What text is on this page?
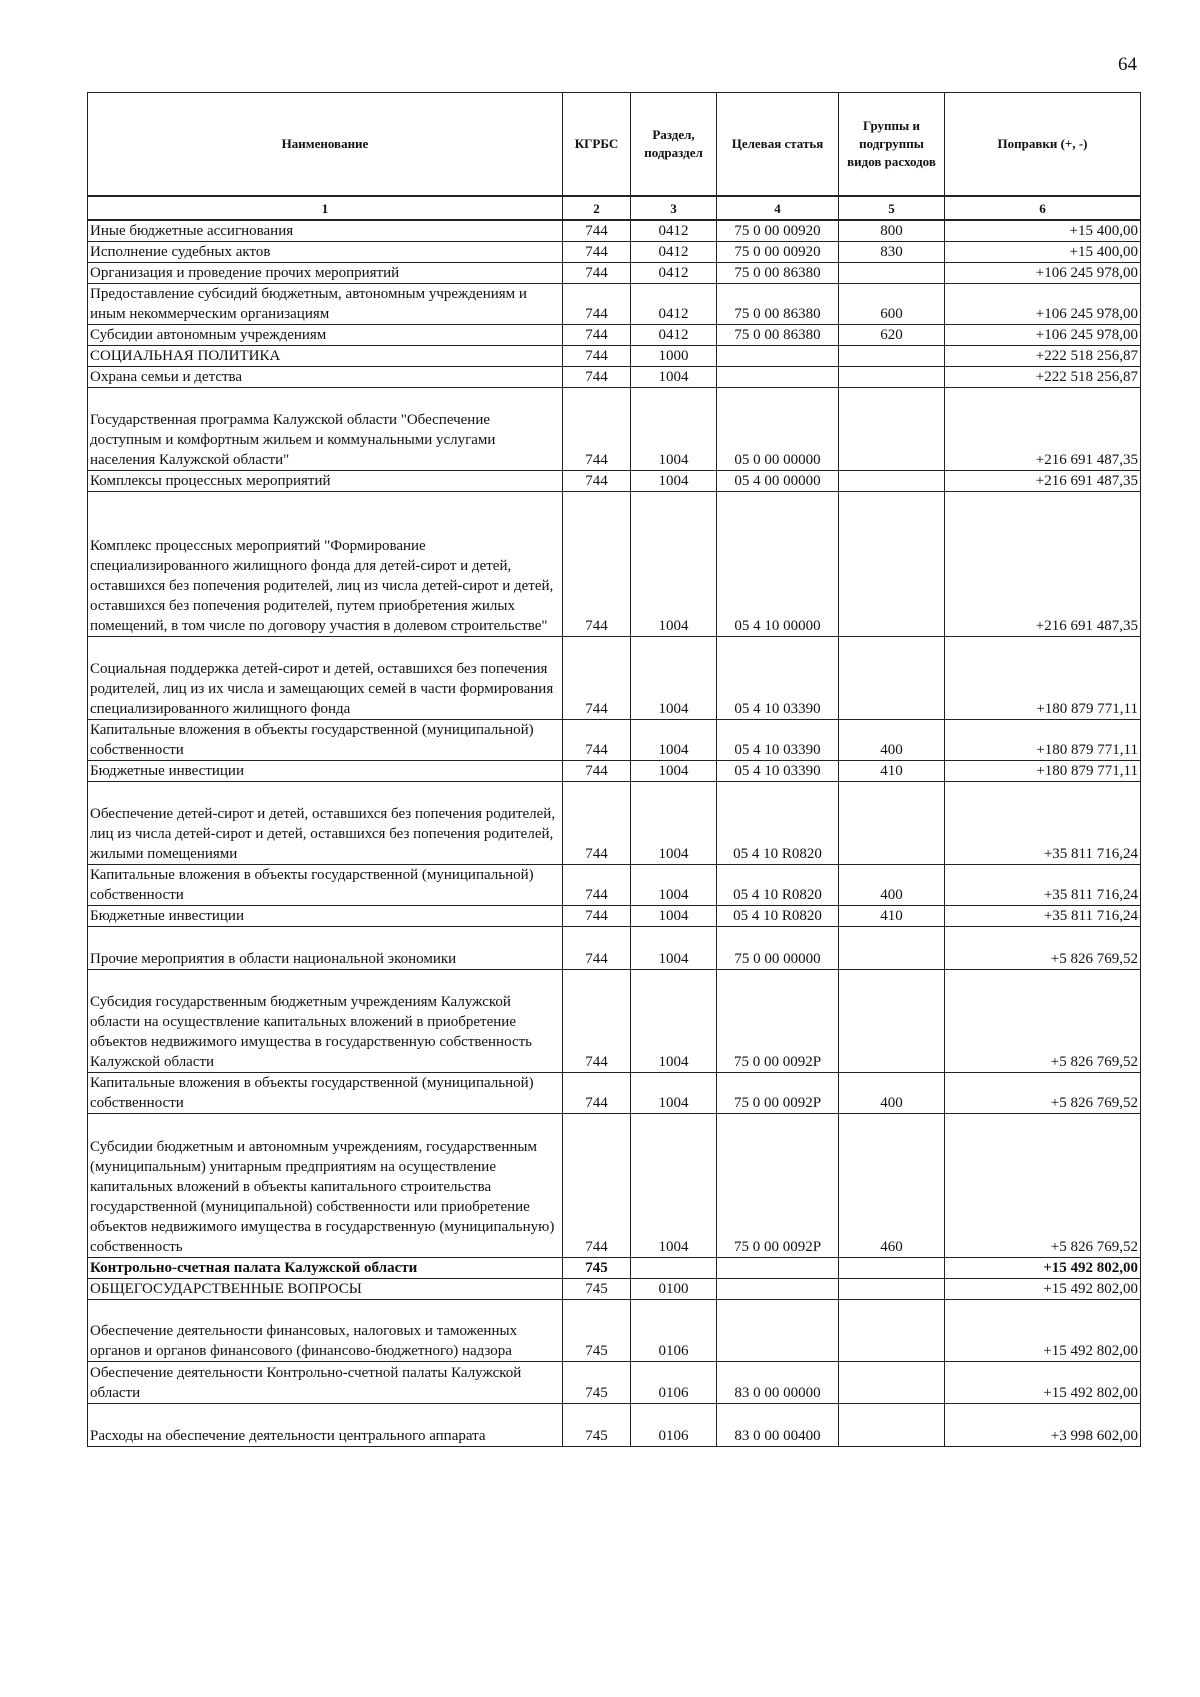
64
Наименование	КГРБС	Раздел, подраздел	Целевая статья	Группы и подгруппы видов расходов	Поправки (+, -)
1	2	3	4	5	6
Иные бюджетные ассигнования	744	0412	75 0 00 00920	800	+15 400,00
Исполнение судебных актов	744	0412	75 0 00 00920	830	+15 400,00
Организация и проведение прочих мероприятий	744	0412	75 0 00 86380		+106 245 978,00
Предоставление субсидий бюджетным, автономным учреждениям и иным некоммерческим организациям	744	0412	75 0 00 86380	600	+106 245 978,00
Субсидии автономным учреждениям	744	0412	75 0 00 86380	620	+106 245 978,00
СОЦИАЛЬНАЯ ПОЛИТИКА	744	1000			+222 518 256,87
Охрана семьи и детства	744	1004			+222 518 256,87
Государственная программа Калужской области "Обеспечение доступным и комфортным жильем и коммунальными услугами населения Калужской области"	744	1004	05 0 00 00000		+216 691 487,35
Комплексы процессных мероприятий	744	1004	05 4 00 00000		+216 691 487,35
Комплекс процессных мероприятий "Формирование специализированного жилищного фонда для детей-сирот и детей, оставшихся без попечения родителей, лиц из числа детей-сирот и детей, оставшихся без попечения родителей, путем приобретения жилых помещений, в том числе по договору участия в долевом строительстве"	744	1004	05 4 10 00000		+216 691 487,35
Социальная поддержка детей-сирот и детей, оставшихся без попечения родителей, лиц из их числа и замещающих семей в части формирования специализированного жилищного фонда	744	1004	05 4 10 03390		+180 879 771,11
Капитальные вложения в объекты государственной (муниципальной) собственности	744	1004	05 4 10 03390	400	+180 879 771,11
Бюджетные инвестиции	744	1004	05 4 10 03390	410	+180 879 771,11
Обеспечение детей-сирот и детей, оставшихся без попечения родителей, лиц из числа детей-сирот и детей, оставшихся без попечения родителей, жилыми помещениями	744	1004	05 4 10 R0820		+35 811 716,24
Капитальные вложения в объекты государственной (муниципальной) собственности	744	1004	05 4 10 R0820	400	+35 811 716,24
Бюджетные инвестиции	744	1004	05 4 10 R0820	410	+35 811 716,24
Прочие мероприятия в области национальной экономики	744	1004	75 0 00 00000		+5 826 769,52
Субсидия государственным бюджетным учреждениям Калужской области на осуществление капитальных вложений в приобретение объектов недвижимого имущества в государственную собственность Калужской области	744	1004	75 0 00 0092P		+5 826 769,52
Капитальные вложения в объекты государственной (муниципальной) собственности	744	1004	75 0 00 0092P	400	+5 826 769,52
Субсидии бюджетным и автономным учреждениям, государственным (муниципальным) унитарным предприятиям на осуществление капитальных вложений в объекты капитального строительства государственной (муниципальной) собственности или приобретение объектов недвижимого имущества в государственную (муниципальную) собственность	744	1004	75 0 00 0092P	460	+5 826 769,52
Контрольно-счетная палата Калужской области	745				+15 492 802,00
ОБЩЕГОСУДАРСТВЕННЫЕ ВОПРОСЫ	745	0100			+15 492 802,00
Обеспечение деятельности финансовых, налоговых и таможенных органов и органов финансового (финансово-бюджетного) надзора	745	0106			+15 492 802,00
Обеспечение деятельности Контрольно-счетной палаты Калужской области	745	0106	83 0 00 00000		+15 492 802,00
Расходы на обеспечение деятельности центрального аппарата	745	0106	83 0 00 00400		+3 998 602,00
